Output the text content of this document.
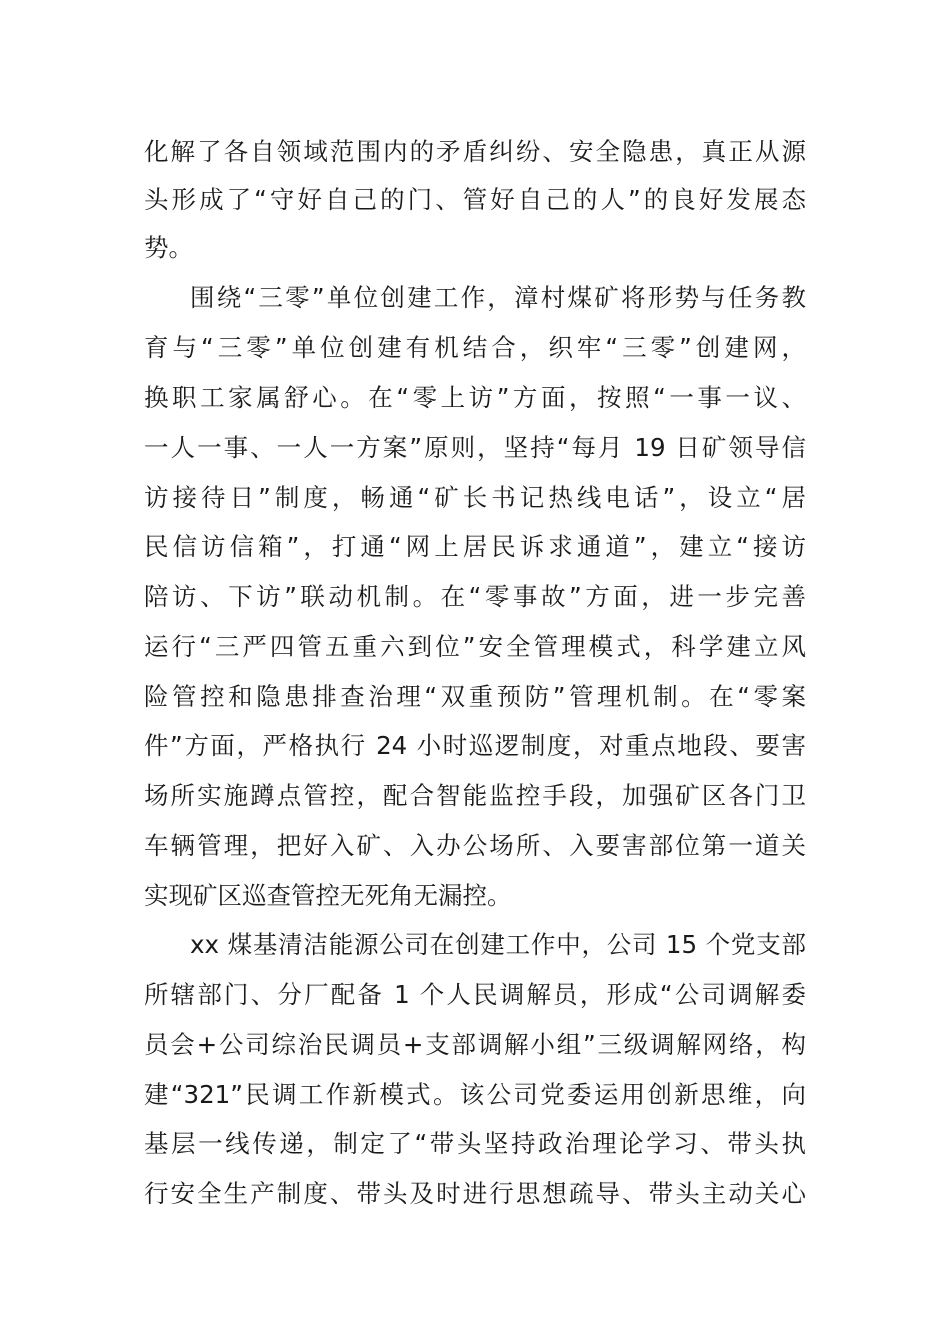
化解了各自领域范围内的矛盾纠纷、安全隐患，真正从源
头形成了“守好自己的门、管好自己的人”的良好发展态
势。
围绕“三零”单位创建工作，漳村煤矿将形势与任务教
育与“三零”单位创建有机结合，织牢“三零”创建网，
换职工家属舒心。在“零上访”方面，按照“一事一议、
一人一事、一人一方案”原则，坚持“每月 19 日矿领导信
访接待日”制度，畅通“矿长书记热线电话”，设立“居
民信访信箱”，打通“网上居民诉求通道”，建立“接访
陪访、下访”联动机制。在“零事故”方面，进一步完善
运行“三严四管五重六到位”安全管理模式，科学建立风
险管控和隐患排查治理“双重预防”管理机制。在“零案
件”方面，严格执行 24 小时巡逻制度，对重点地段、要害
场所实施蹲点管控，配合智能监控手段，加强矿区各门卫
车辆管理，把好入矿、入办公场所、入要害部位第一道关
实现矿区巡查管控无死角无漏控。
xx 煤基清洁能源公司在创建工作中，公司 15 个党支部
所辖部门、分厂配备 1 个人民调解员，形成“公司调解委
员会+公司综治民调员+支部调解小组”三级调解网络，构
建“321”民调工作新模式。该公司党委运用创新思维，向
基层一线传递，制定了“带头坚持政治理论学习、带头执
行安全生产制度、带头及时进行思想疏导、带头主动关心
